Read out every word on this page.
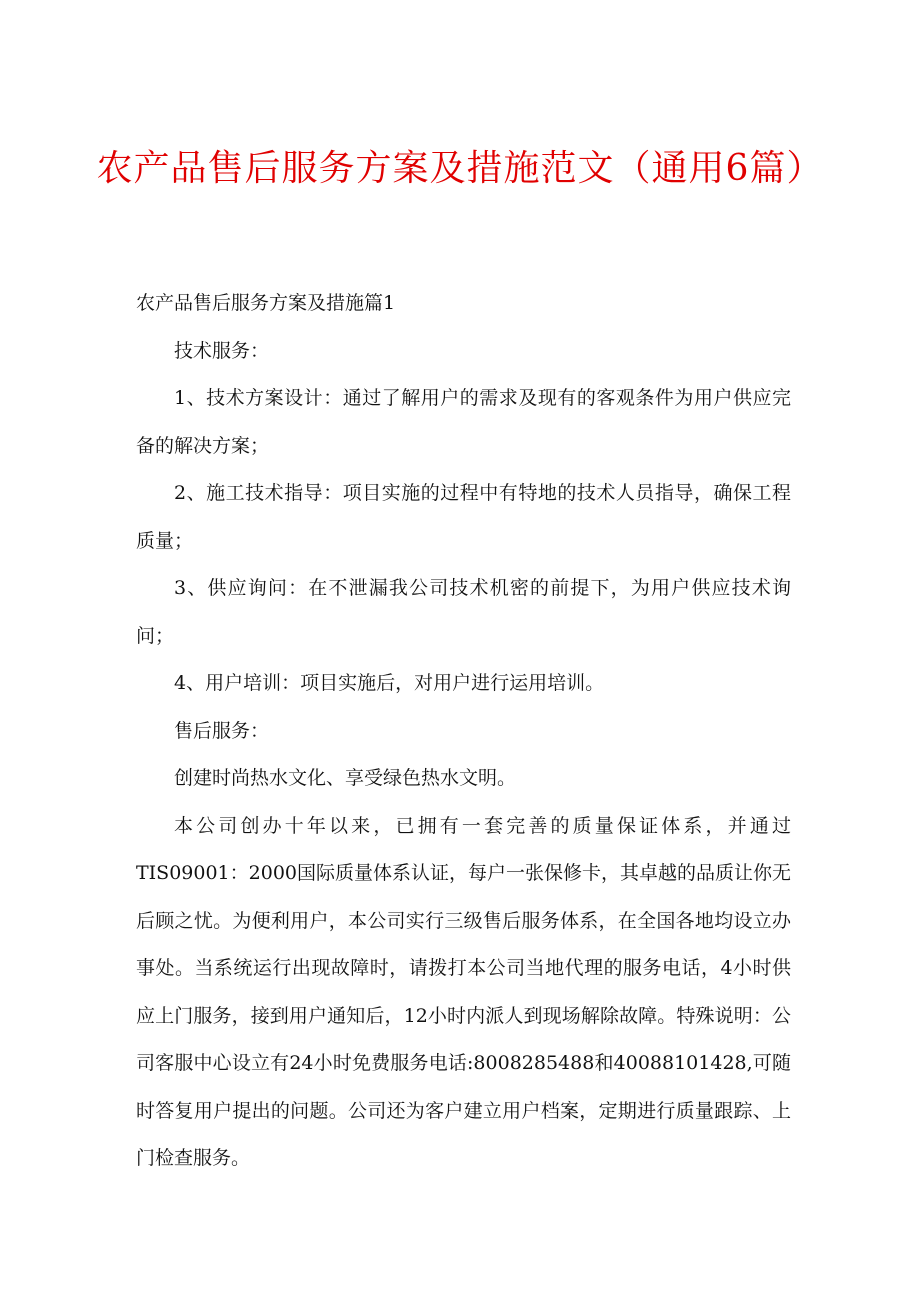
农产品售后服务方案及措施范文（通用6篇）

农产品售后服务方案及措施篇1

技术服务：

1、技术方案设计：通过了解用户的需求及现有的客观条件为用户供应完备的解决方案；

2、施工技术指导：项目实施的过程中有特地的技术人员指导，确保工程质量；

3、供应询问：在不泄漏我公司技术机密的前提下，为用户供应技术询问；

4、用户培训：项目实施后，对用户进行运用培训。

售后服务：

创建时尚热水文化、享受绿色热水文明。

本公司创办十年以来，已拥有一套完善的质量保证体系，并通过TIS09001：2000国际质量体系认证，每户一张保修卡，其卓越的品质让你无后顾之忧。为便利用户，本公司实行三级售后服务体系，在全国各地均设立办事处。当系统运行出现故障时，请拨打本公司当地代理的服务电话，4小时供应上门服务，接到用户通知后，12小时内派人到现场解除故障。特殊说明：公司客服中心设立有24小时免费服务电话:8008285488和40088101428,可随时答复用户提出的问题。公司还为客户建立用户档案，定期进行质量跟踪、上门检查服务。
